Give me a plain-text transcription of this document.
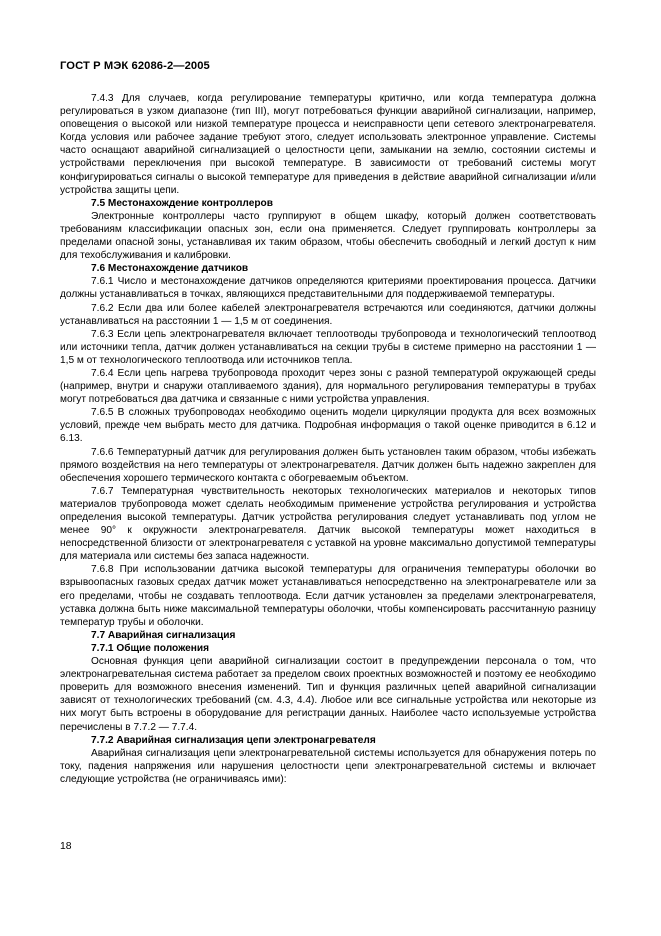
ГОСТ Р МЭК 62086-2—2005

7.4.3 Для случаев, когда регулирование температуры критично, или когда температура должна регулироваться в узком диапазоне (тип III), могут потребоваться функции аварийной сигнализации, например, оповещения о высокой или низкой температуре процесса и неисправности цепи сетевого электронагревателя. Когда условия или рабочее задание требуют этого, следует использовать электронное управление. Системы часто оснащают аварийной сигнализацией о целостности цепи, замыкании на землю, состоянии системы и устройствами переключения при высокой температуре. В зависимости от требований системы могут конфигурироваться сигналы о высокой температуре для приведения в действие аварийной сигнализации и/или устройства защиты цепи.

7.5 Местонахождение контроллеров

Электронные контроллеры часто группируют в общем шкафу, который должен соответствовать требованиям классификации опасных зон, если она применяется. Следует группировать контроллеры за пределами опасной зоны, устанавливая их таким образом, чтобы обеспечить свободный и легкий доступ к ним для техобслуживания и калибровки.

7.6 Местонахождение датчиков

7.6.1 Число и местонахождение датчиков определяются критериями проектирования процесса. Датчики должны устанавливаться в точках, являющихся представительными для поддерживаемой температуры.

7.6.2 Если два или более кабелей электронагревателя встречаются или соединяются, датчики должны устанавливаться на расстоянии 1 — 1,5 м от соединения.

7.6.3 Если цепь электронагревателя включает теплоотводы трубопровода и технологический теплоотвод или источники тепла, датчик должен устанавливаться на секции трубы в системе примерно на расстоянии 1 — 1,5 м от технологического теплоотвода или источников тепла.

7.6.4 Если цепь нагрева трубопровода проходит через зоны с разной температурой окружающей среды (например, внутри и снаружи отапливаемого здания), для нормального регулирования температуры в трубах могут потребоваться два датчика и связанные с ними устройства управления.

7.6.5 В сложных трубопроводах необходимо оценить модели циркуляции продукта для всех возможных условий, прежде чем выбрать место для датчика. Подробная информация о такой оценке приводится в 6.12 и 6.13.

7.6.6 Температурный датчик для регулирования должен быть установлен таким образом, чтобы избежать прямого воздействия на него температуры от электронагревателя. Датчик должен быть надежно закреплен для обеспечения хорошего термического контакта с обогреваемым объектом.

7.6.7 Температурная чувствительность некоторых технологических материалов и некоторых типов материалов трубопровода может сделать необходимым применение устройства регулирования и устройства определения высокой температуры. Датчик устройства регулирования следует устанавливать под углом не менее 90° к окружности электронагревателя. Датчик высокой температуры может находиться в непосредственной близости от электронагревателя с уставкой на уровне максимально допустимой температуры для материала или системы без запаса надежности.

7.6.8 При использовании датчика высокой температуры для ограничения температуры оболочки во взрывоопасных газовых средах датчик может устанавливаться непосредственно на электронагревателе или за его пределами, чтобы не создавать теплоотвода. Если датчик установлен за пределами электронагревателя, уставка должна быть ниже максимальной температуры оболочки, чтобы компенсировать рассчитанную разницу температур трубы и оболочки.

7.7 Аварийная сигнализация
7.7.1 Общие положения

Основная функция цепи аварийной сигнализации состоит в предупреждении персонала о том, что электронагревательная система работает за пределом своих проектных возможностей и поэтому ее необходимо проверить для возможного внесения изменений. Тип и функция различных цепей аварийной сигнализации зависят от технологических требований (см. 4.3, 4.4). Любое или все сигнальные устройства или некоторые из них могут быть встроены в оборудование для регистрации данных. Наиболее часто используемые устройства перечислены в 7.7.2 — 7.7.4.

7.7.2 Аварийная сигнализация цепи электронагревателя

Аварийная сигнализация цепи электронагревательной системы используется для обнаружения потерь по току, падения напряжения или нарушения целостности цепи электронагревательной системы и включает следующие устройства (не ограничиваясь ими):

18
